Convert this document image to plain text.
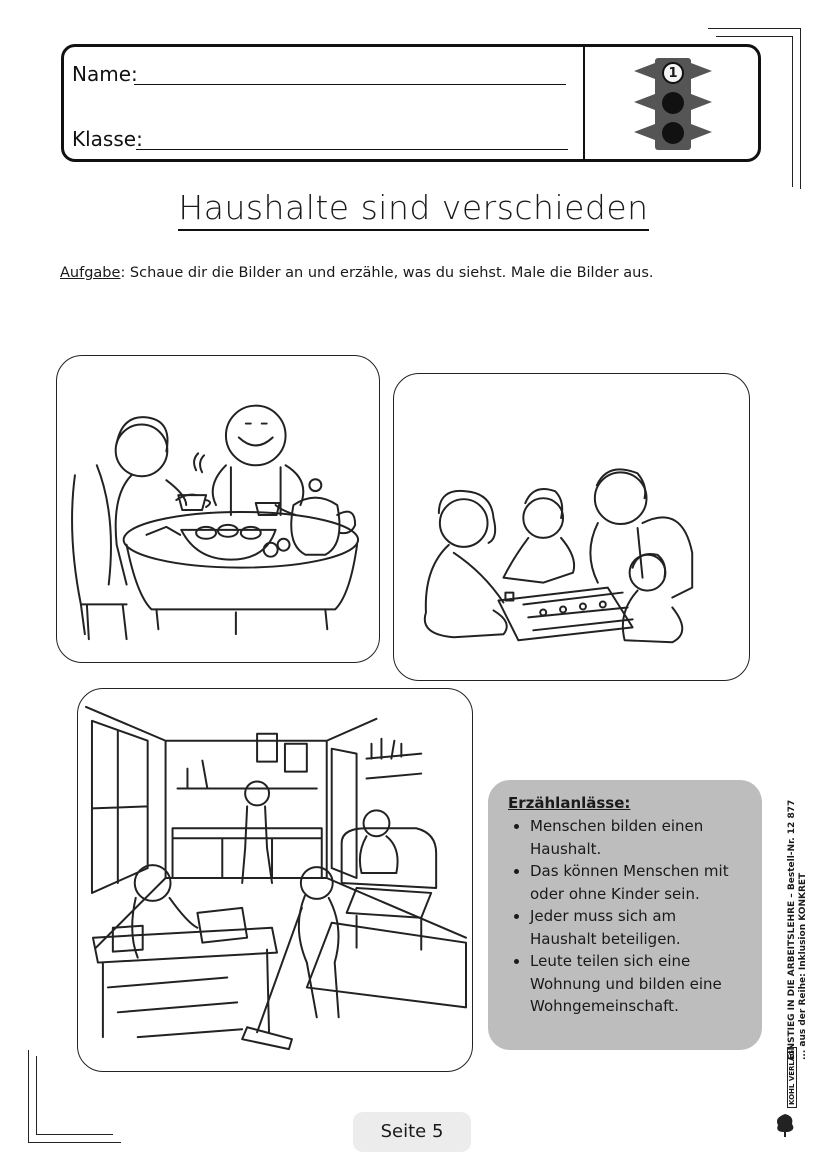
Name:
Klasse:
1
Haushalte sind verschieden
Aufgabe: Schaue dir die Bilder an und erzähle, was du siehst. Male die Bilder aus.
Erzählanlässe:
• Menschen bilden einen Haushalt.
• Das können Menschen mit oder ohne Kinder sein.
• Jeder muss sich am Haushalt beteiligen.
• Leute teilen sich eine Wohnung und bilden eine Wohngemeinschaft.	EINSTIEG IN DIE ARBEITSLEHRE – Bestell-Nr. 12 877 ... aus der Reihe: Inklusion KONKRET
Seite 5
KOHL VERLAG
